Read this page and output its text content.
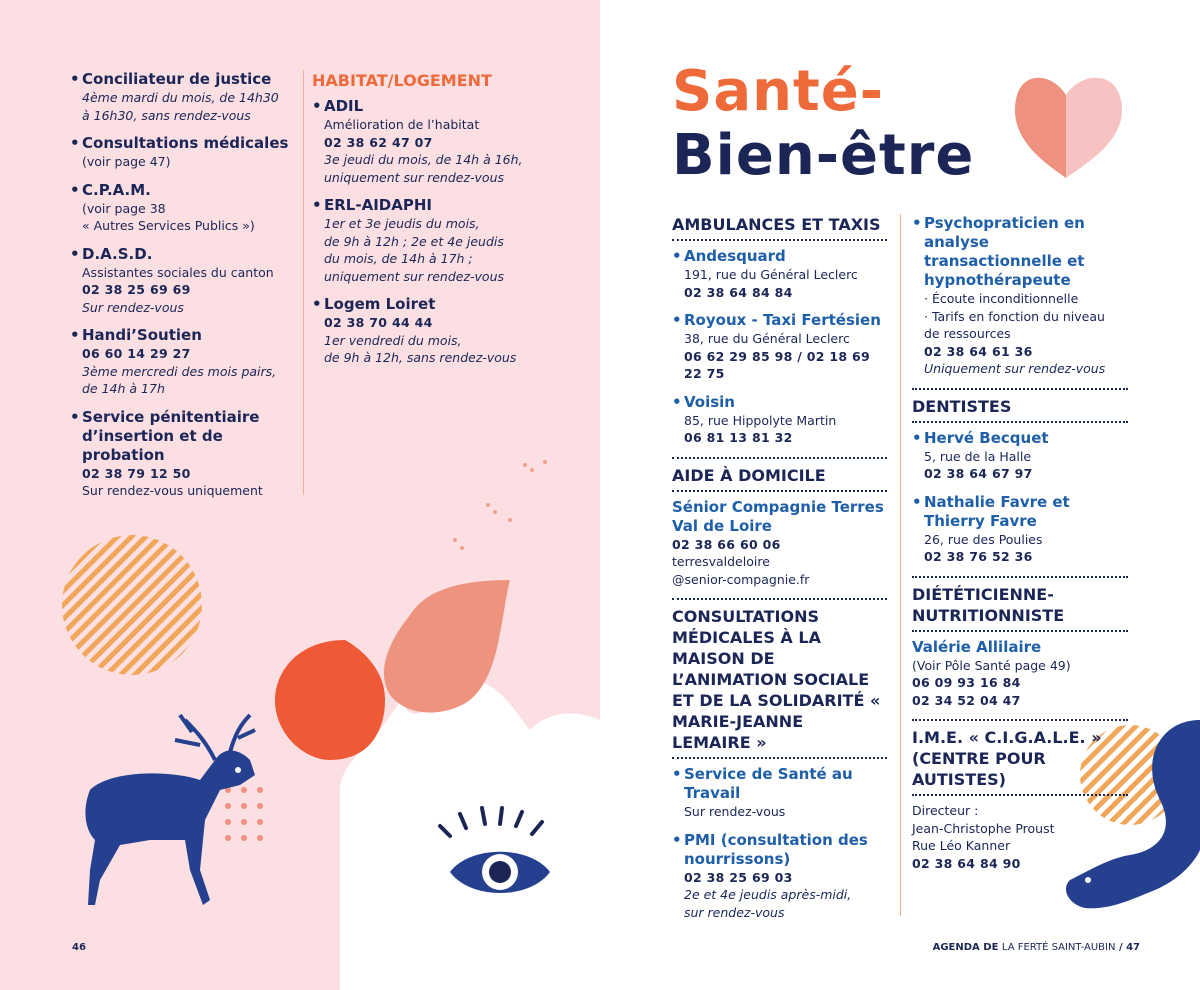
• Conciliateur de justice
4ème mardi du mois, de 14h30
à 16h30, sans rendez-vous
• Consultations médicales
(voir page 47)
• C.P.A.M.
(voir page 38
« Autres Services Publics »)
• D.A.S.D.
Assistantes sociales du canton
02 38 25 69 69
Sur rendez-vous
• Handi’Soutien
06 60 14 29 27
3ème mercredi des mois pairs,
de 14h à 17h
• Service pénitentiaire d’insertion et de probation
02 38 79 12 50
Sur rendez-vous uniquement
HABITAT/LOGEMENT
• ADIL
Amélioration de l’habitat
02 38 62 47 07
3e jeudi du mois, de 14h à 16h,
uniquement sur rendez-vous
• ERL-AIDAPHI
1er et 3e jeudis du mois,
de 9h à 12h ; 2e et 4e jeudis
du mois, de 14h à 17h ;
uniquement sur rendez-vous
• Logem Loiret
02 38 70 44 44
1er vendredi du mois,
de 9h à 12h, sans rendez-vous
46
Santé-
Bien-être
AMBULANCES ET TAXIS
• Andesquard
191, rue du Général Leclerc
02 38 64 84 84
• Royoux - Taxi Fertésien
38, rue du Général Leclerc
06 62 29 85 98 / 02 18 69 22 75
• Voisin
85, rue Hippolyte Martin
06 81 13 81 32
AIDE À DOMICILE
Sénior Compagnie Terres Val de Loire
02 38 66 60 06
terresvaldeloire
@senior-compagnie.fr
CONSULTATIONS MÉDICALES À LA MAISON DE L’ANIMATION SOCIALE ET DE LA SOLIDARITÉ « MARIE-JEANNE LEMAIRE »
• Service de Santé au Travail
Sur rendez-vous
• PMI (consultation des nourrissons)
02 38 25 69 03
2e et 4e jeudis après-midi,
sur rendez-vous
• Psychopraticien en analyse transactionnelle et hypnothérapeute
· Écoute inconditionnelle
· Tarifs en fonction du niveau
de ressources
02 38 64 61 36
Uniquement sur rendez-vous
DENTISTES
• Hervé Becquet
5, rue de la Halle
02 38 64 67 97
• Nathalie Favre et Thierry Favre
26, rue des Poulies
02 38 76 52 36
DIÉTÉTICIENNE-NUTRITIONNISTE
Valérie Allilaire
(Voir Pôle Santé page 49)
06 09 93 16 84
02 34 52 04 47
I.M.E. « C.I.G.A.L.E. » (CENTRE POUR AUTISTES)
Directeur :
Jean-Christophe Proust
Rue Léo Kanner
02 38 64 84 90
AGENDA DE LA FERTÉ SAINT-AUBIN / 47
